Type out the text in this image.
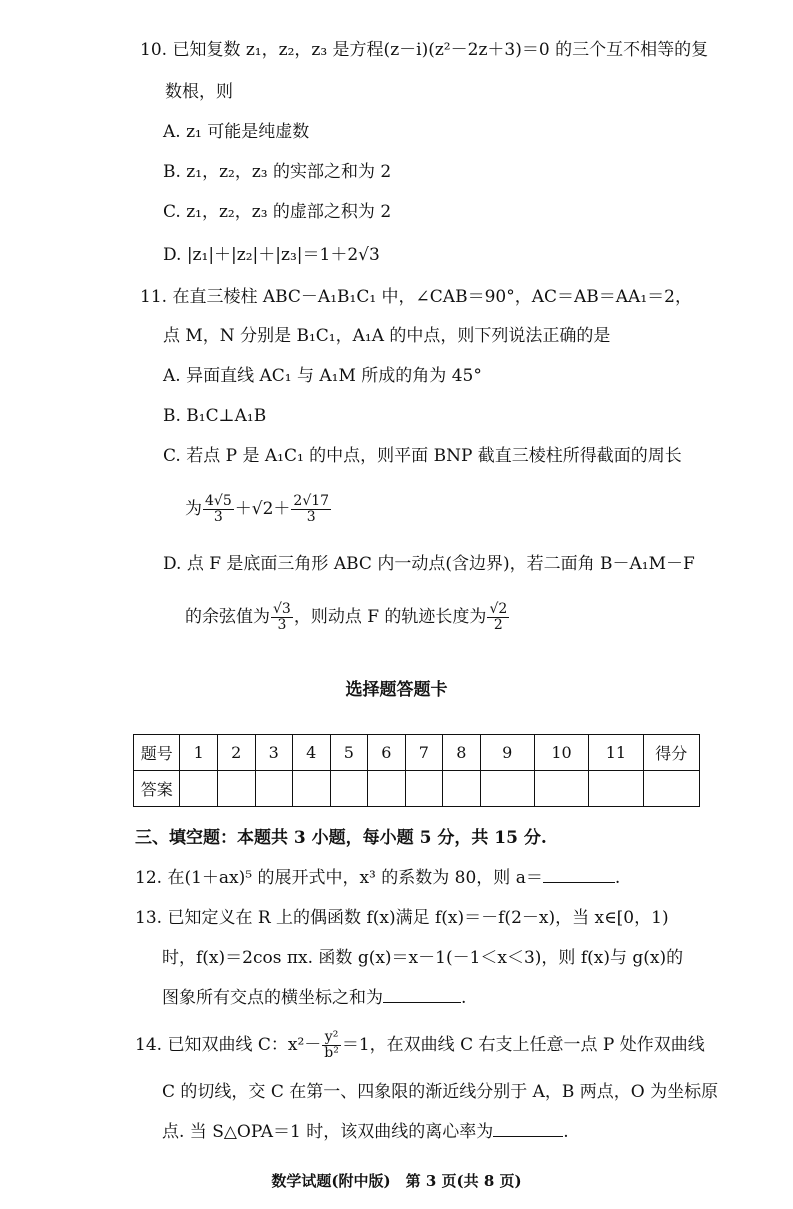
10. 已知复数 z₁，z₂，z₃ 是方程(z－i)(z²－2z＋3)＝0 的三个互不相等的复
数根，则
A. z₁ 可能是纯虚数
B. z₁，z₂，z₃ 的实部之和为 2
C. z₁，z₂，z₃ 的虚部之积为 2
D. |z₁|＋|z₂|＋|z₃|＝1＋2√3
11. 在直三棱柱 ABC－A₁B₁C₁ 中，∠CAB＝90°，AC＝AB＝AA₁＝2，
点 M，N 分别是 B₁C₁，A₁A 的中点，则下列说法正确的是
A. 异面直线 AC₁ 与 A₁M 所成的角为 45°
B. B₁C⊥A₁B
C. 若点 P 是 A₁C₁ 的中点，则平面 BNP 截直三棱柱所得截面的周长
为 $\frac{4√5}{3} +√2+ \frac{2√17}{3}$
D. 点 F 是底面三角形 ABC 内一动点(含边界)，若二面角 B－A₁M－F
的余弦值为 $\frac{√3}{3}$ ，则动点 F 的轨迹长度为 $\frac{√2}{2}$
选择题答题卡
题号	1	2	3	4	5	6	7	8	9	10	11	得分
答案												
三、填空题：本题共 3 小题，每小题 5 分，共 15 分.
12. 在(1＋ax)⁵ 的展开式中，x³ 的系数为 80，则 a＝	.
13. 已知定义在 R 上的偶函数 f(x)满足 f(x)＝－f(2－x)，当 x∈[0，1)
时，f(x)＝2cos πx. 函数 g(x)＝x－1(－1＜x＜3)，则 f(x)与 g(x)的
图象所有交点的横坐标之和为	.
14. 已知双曲线 C：$x^2- \frac{\text{y²}}{\text{b²}} =1$，在双曲线 C 右支上任意一点 P 处作双曲线
C 的切线，交 C 在第一、四象限的渐近线分别于 A，B 两点，O 为坐标原
点. 当 S△OPA＝1 时，该双曲线的离心率为	.
数学试题(附中版)　第 3 页(共 8 页)
